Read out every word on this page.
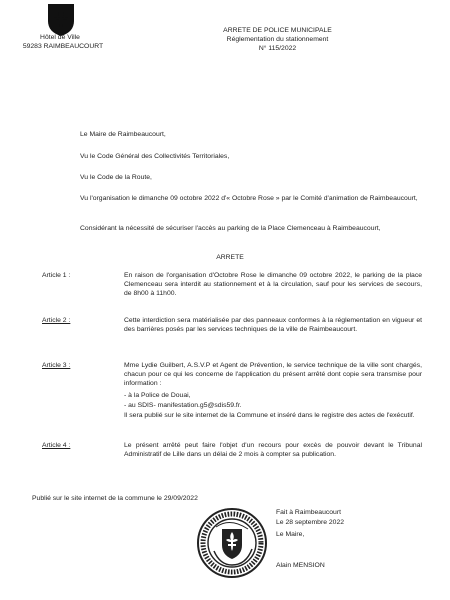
Hôtel de Ville
59283 RAIMBEAUCOURT
ARRETE DE POLICE MUNICIPALE
Réglementation du stationnement
N° 115/2022
Le Maire de Raimbeaucourt,
Vu le Code Général des Collectivités Territoriales,
Vu le Code de la Route,
Vu l'organisation le dimanche 09 octobre 2022 d'« Octobre Rose » par le Comité d'animation de Raimbeaucourt,
Considérant la nécessité de sécuriser l'accès au parking de la Place Clemenceau à Raimbeaucourt,
ARRETE
Article 1 :	En raison de l'organisation d'Octobre Rose le dimanche 09 octobre 2022, le parking de la place Clemenceau sera interdit au stationnement et à la circulation, sauf pour les services de secours, de 8h00 à 11h00.
Article 2 :	Cette interdiction sera matérialisée par des panneaux conformes à la réglementation en vigueur et des barrières posés par les services techniques de la ville de Raimbeaucourt.
Article 3 :	Mme Lydie Guilbert, A.S.V.P et Agent de Prévention, le service technique de la ville sont chargés, chacun pour ce qui les concerne de l'application du présent arrêté dont copie sera transmise pour information :
- à la Police de Douai,
- au SDIS- manifestation.g5@sdis59.fr.
Il sera publié sur le site internet de la Commune et inséré dans le registre des actes de l'exécutif.
Article 4 :	Le présent arrêté peut faire l'objet d'un recours pour excès de pouvoir devant le Tribunal Administratif de Lille dans un délai de 2 mois à compter sa publication.
Publié sur le site internet de la commune le 29/09/2022
Fait à Raimbeaucourt
Le 28 septembre 2022
Le Maire,
Alain MENSION
